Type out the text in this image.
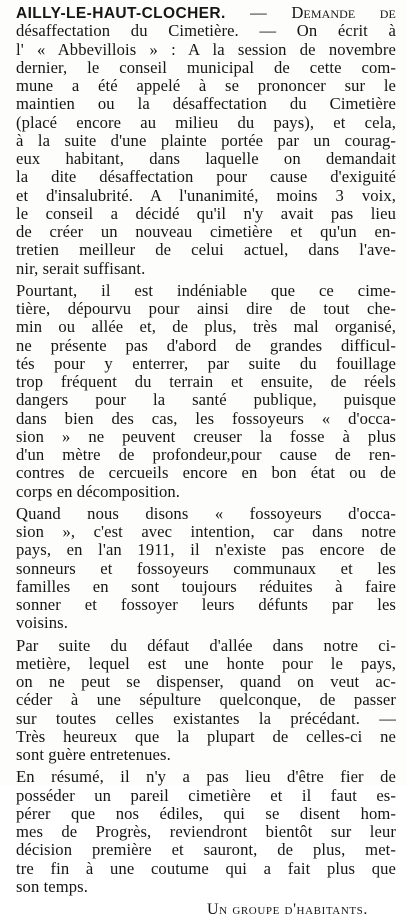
AILLY-LE-HAUT-CLOCHER. — Demande de
désaffectation du Cimetière. — On écrit à
l' « Abbevillois » : A la session de novembre
dernier, le conseil municipal de cette com-
mune a été appelé à se prononcer sur le
maintien ou la désaffectation du Cimetière
(placé encore au milieu du pays), et cela,
à la suite d'une plainte portée par un courag-
eux habitant, dans laquelle on demandait
la dite désaffectation pour cause d'exiguité
et d'insalubrité. A l'unanimité, moins 3 voix,
le conseil a décidé qu'il n'y avait pas lieu
de créer un nouveau cimetière et qu'un en-
tretien meilleur de celui actuel, dans l'ave-
nir, serait suffisant.
Pourtant, il est indéniable que ce cime-
tière, dépourvu pour ainsi dire de tout che-
min ou allée et, de plus, très mal organisé,
ne présente pas d'abord de grandes difficul-
tés pour y enterrer, par suite du fouillage
trop fréquent du terrain et ensuite, de réels
dangers pour la santé publique, puisque
dans bien des cas, les fossoyeurs « d'occa-
sion » ne peuvent creuser la fosse à plus
d'un mètre de profondeur,pour cause de ren-
contres de cercueils encore en bon état ou de
corps en décomposition.
Quand nous disons « fossoyeurs d'occa-
sion », c'est avec intention, car dans notre
pays, en l'an 1911, il n'existe pas encore de
sonneurs et fossoyeurs communaux et les
familles en sont toujours réduites à faire
sonner et fossoyer leurs défunts par les
voisins.
Par suite du défaut d'allée dans notre ci-
metière, lequel est une honte pour le pays,
on ne peut se dispenser, quand on veut ac-
céder à une sépulture quelconque, de passer
sur toutes celles existantes la précédant. —
Très heureux que la plupart de celles-ci ne
sont guère entretenues.
En résumé, il n'y a pas lieu d'être fier de
posséder un pareil cimetière et il faut es-
pérer que nos édiles, qui se disent hom-
mes de Progrès, reviendront bientôt sur leur
décision première et sauront, de plus, met-
tre fin à une coutume qui a fait plus que
son temps.
Un groupe d'habitants.
